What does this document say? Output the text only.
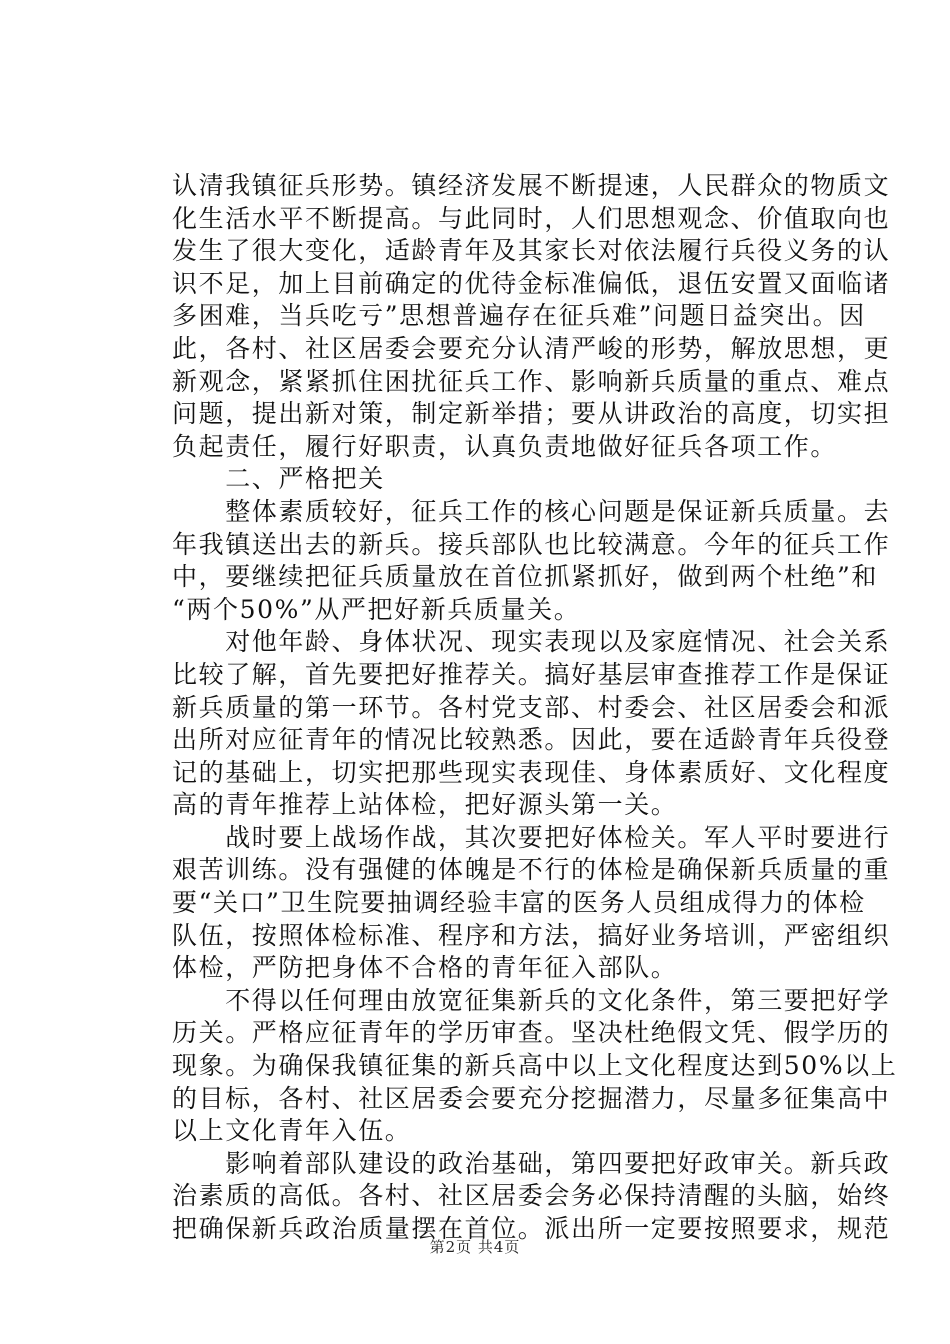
认清我镇征兵形势。镇经济发展不断提速，人民群众的物质文
化生活水平不断提高。与此同时，人们思想观念、价值取向也
发生了很大变化，适龄青年及其家长对依法履行兵役义务的认
识不足，加上目前确定的优待金标准偏低，退伍安置又面临诸
多困难，当兵吃亏”思想普遍存在征兵难”问题日益突出。因
此，各村、社区居委会要充分认清严峻的形势，解放思想，更
新观念，紧紧抓住困扰征兵工作、影响新兵质量的重点、难点
问题，提出新对策，制定新举措；要从讲政治的高度，切实担
负起责任，履行好职责，认真负责地做好征兵各项工作。
　　二、严格把关
　　整体素质较好，征兵工作的核心问题是保证新兵质量。去
年我镇送出去的新兵。接兵部队也比较满意。今年的征兵工作
中，要继续把征兵质量放在首位抓紧抓好，做到两个杜绝”和
“两个50%”从严把好新兵质量关。
　　对他年龄、身体状况、现实表现以及家庭情况、社会关系
比较了解，首先要把好推荐关。搞好基层审查推荐工作是保证
新兵质量的第一环节。各村党支部、村委会、社区居委会和派
出所对应征青年的情况比较熟悉。因此，要在适龄青年兵役登
记的基础上，切实把那些现实表现佳、身体素质好、文化程度
高的青年推荐上站体检，把好源头第一关。
　　战时要上战场作战，其次要把好体检关。军人平时要进行
艰苦训练。没有强健的体魄是不行的体检是确保新兵质量的重
要“关口”卫生院要抽调经验丰富的医务人员组成得力的体检
队伍，按照体检标准、程序和方法，搞好业务培训，严密组织
体检，严防把身体不合格的青年征入部队。
　　不得以任何理由放宽征集新兵的文化条件，第三要把好学
历关。严格应征青年的学历审查。坚决杜绝假文凭、假学历的
现象。为确保我镇征集的新兵高中以上文化程度达到50%以上
的目标，各村、社区居委会要充分挖掘潜力，尽量多征集高中
以上文化青年入伍。
　　影响着部队建设的政治基础，第四要把好政审关。新兵政
治素质的高低。各村、社区居委会务必保持清醒的头脑，始终
把确保新兵政治质量摆在首位。派出所一定要按照要求，规范
第2页 共4页
